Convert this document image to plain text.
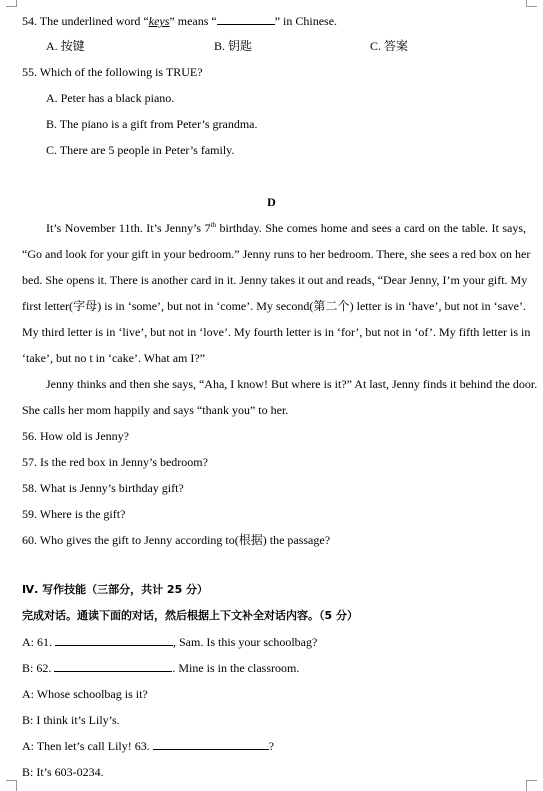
54. The underlined word “keys” means “	” in Chinese.
A. 按键	B. 钥匙	C. 答案
55. Which of the following is TRUE?
A. Peter has a black piano.
B. The piano is a gift from Peter’s grandma.
C. There are 5 people in Peter’s family.
D
It’s November 11th. It’s Jenny’s 7th birthday. She comes home and sees a card on the table. It says,
“Go and look for your gift in your bedroom.” Jenny runs to her bedroom. There, she sees a red box on her
bed. She opens it. There is another card in it. Jenny takes it out and reads, “Dear Jenny, I’m your gift. My
first letter(字母) is in ‘some’, but not in ‘come’. My second(第二个) letter is in ‘have’, but not in ‘save’.
My third letter is in ‘live’, but not in ‘love’. My fourth letter is in ‘for’, but not in ‘of’. My fifth letter is in
‘take’, but no t in ‘cake’. What am I?”
Jenny thinks and then she says, “Aha, I know! But where is it?” At last, Jenny finds it behind the door.
She calls her mom happily and says “thank you” to her.
56. How old is Jenny?
57. Is the red box in Jenny’s bedroom?
58. What is Jenny’s birthday gift?
59. Where is the gift?
60. Who gives the gift to Jenny according to(根据) the passage?
Ⅳ. 写作技能（三部分，共计 25 分）
完成对话。通读下面的对话，然后根据上下文补全对话内容。（5 分）
A: 61.	, Sam. Is this your schoolbag?
B: 62.	. Mine is in the classroom.
A: Whose schoolbag is it?
B: I think it’s Lily’s.
A: Then let’s call Lily! 63.	?
B: It’s 603-0234.
